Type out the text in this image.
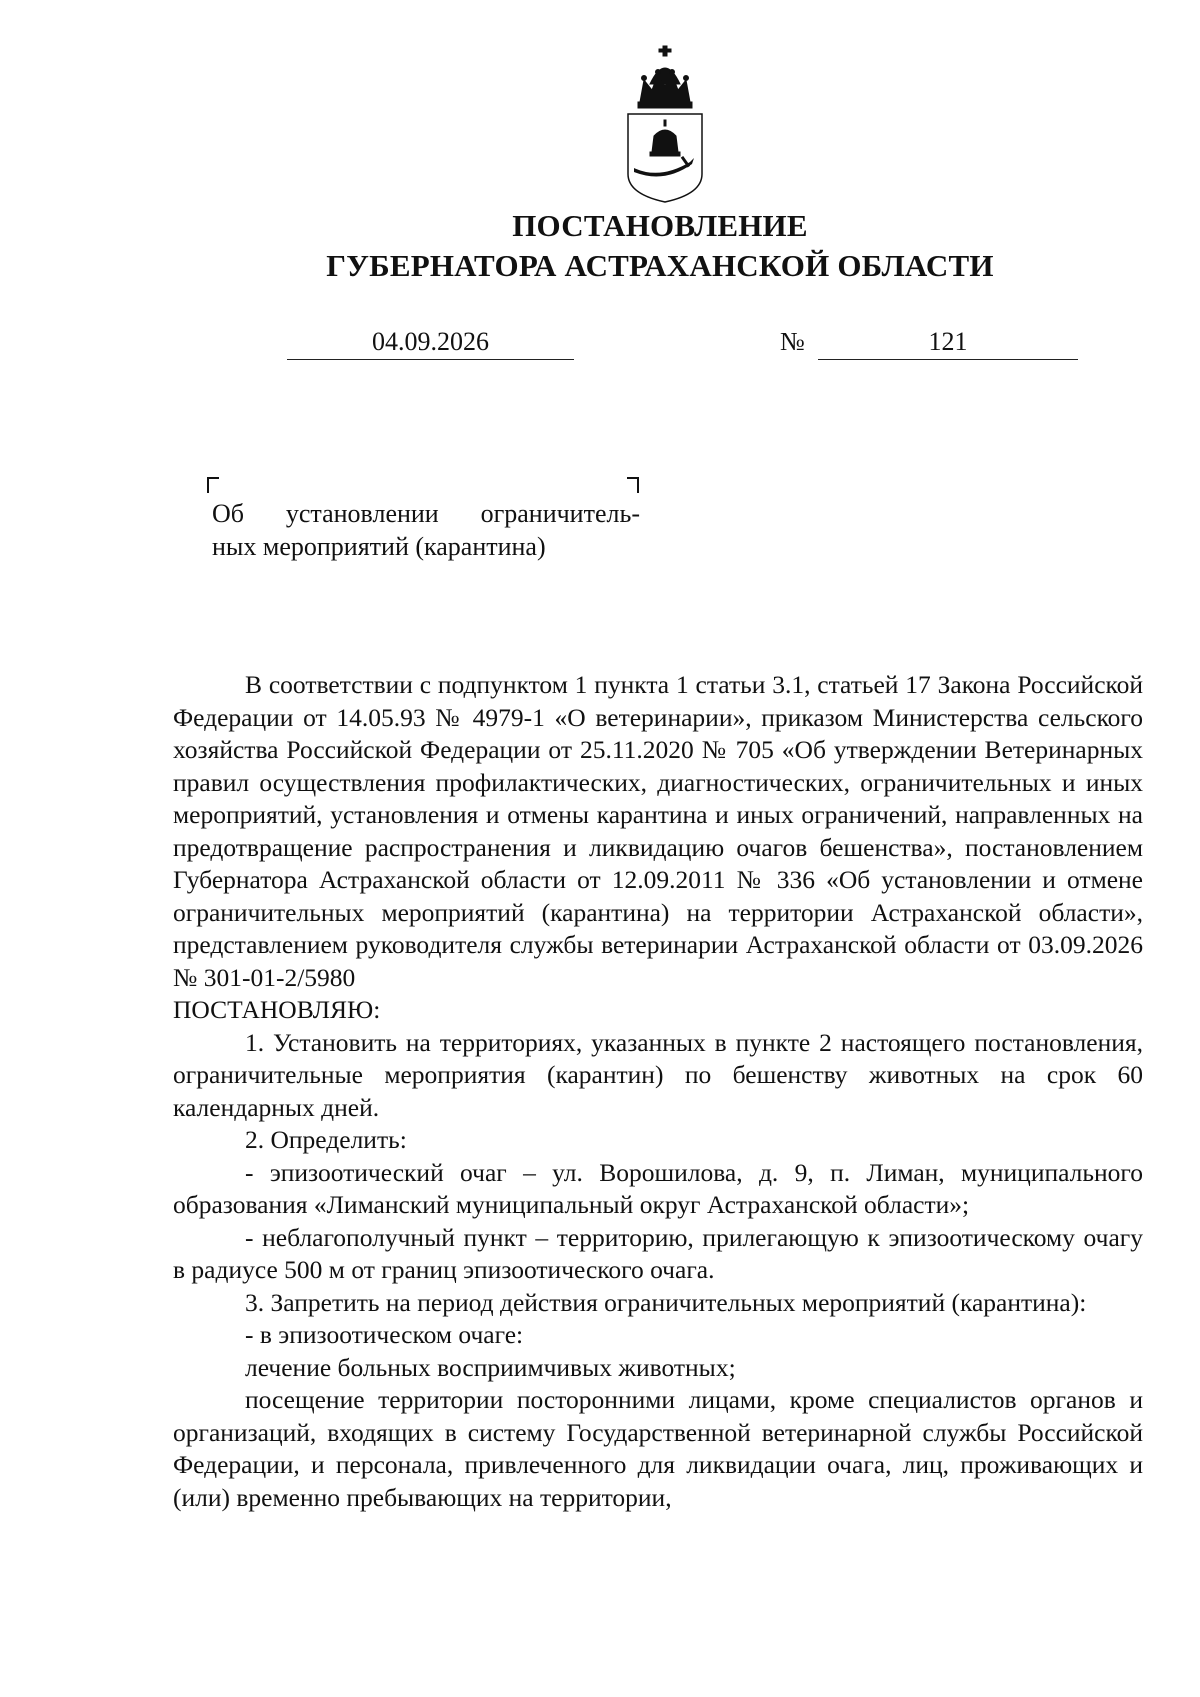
ПОСТАНОВЛЕНИЕ
ГУБЕРНАТОРА АСТРАХАНСКОЙ ОБЛАСТИ
04.09.2026	№	121

Об установлении ограничитель-

ных мероприятий (карантина)

В соответствии с подпунктом 1 пункта 1 статьи 3.1, статьей 17 Закона Российской Федерации от 14.05.93 № 4979-1 «О ветеринарии», приказом Министерства сельского хозяйства Российской Федерации от 25.11.2020 № 705 «Об утверждении Ветеринарных правил осуществления профилактических, диагностических, ограничительных и иных мероприятий, установления и отмены карантина и иных ограничений, направленных на предотвращение распространения и ликвидацию очагов бешенства», постановлением Губернатора Астраханской области от 12.09.2011 № 336 «Об установлении и отмене ограничительных мероприятий (карантина) на территории Астраханской области», представлением руководителя службы ветеринарии Астраханской области от 03.09.2026 № 301-01-2/5980

ПОСТАНОВЛЯЮ:

1. Установить на территориях, указанных в пункте 2 настоящего постановления, ограничительные мероприятия (карантин) по бешенству животных на срок 60 календарных дней.

2. Определить:

- эпизоотический очаг – ул. Ворошилова, д. 9, п. Лиман, муниципального образования «Лиманский муниципальный округ Астраханской области»;

- неблагополучный пункт – территорию, прилегающую к эпизоотическому очагу в радиусе 500 м от границ эпизоотического очага.

3. Запретить на период действия ограничительных мероприятий (карантина):

- в эпизоотическом очаге:

лечение больных восприимчивых животных;

посещение территории посторонними лицами, кроме специалистов органов и организаций, входящих в систему Государственной ветеринарной службы Российской Федерации, и персонала, привлеченного для ликвидации очага, лиц, проживающих и (или) временно пребывающих на территории,
